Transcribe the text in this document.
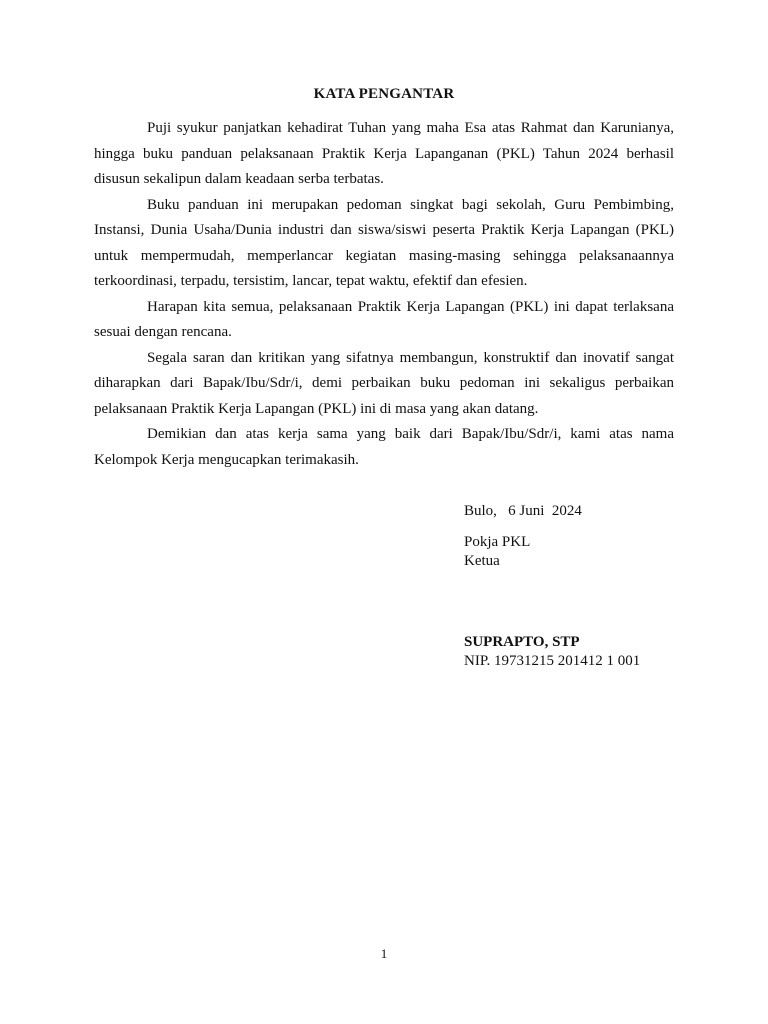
KATA PENGANTAR

Puji syukur panjatkan kehadirat Tuhan yang maha Esa atas Rahmat dan Karunianya, hingga buku panduan pelaksanaan Praktik Kerja Lapanganan (PKL) Tahun 2024 berhasil disusun sekalipun dalam keadaan serba terbatas.

Buku panduan ini merupakan pedoman singkat bagi sekolah, Guru Pembimbing, Instansi, Dunia Usaha/Dunia industri dan siswa/siswi peserta Praktik Kerja Lapangan (PKL) untuk mempermudah, memperlancar kegiatan masing-masing sehingga pelaksanaannya terkoordinasi, terpadu, tersistim, lancar, tepat waktu, efektif dan efesien.

Harapan kita semua, pelaksanaan Praktik Kerja Lapangan (PKL) ini dapat terlaksana sesuai dengan rencana.

Segala saran dan kritikan yang sifatnya membangun, konstruktif dan inovatif sangat diharapkan dari Bapak/Ibu/Sdr/i, demi perbaikan buku pedoman ini sekaligus perbaikan pelaksanaan Praktik Kerja Lapangan (PKL) ini di masa yang akan datang.

Demikian dan atas kerja sama yang baik dari Bapak/Ibu/Sdr/i, kami atas nama Kelompok Kerja mengucapkan terimakasih.

Bulo,   6 Juni  2024
Pokja PKL
Ketua
SUPRAPTO, STP
NIP. 19731215 201412 1 001
1
